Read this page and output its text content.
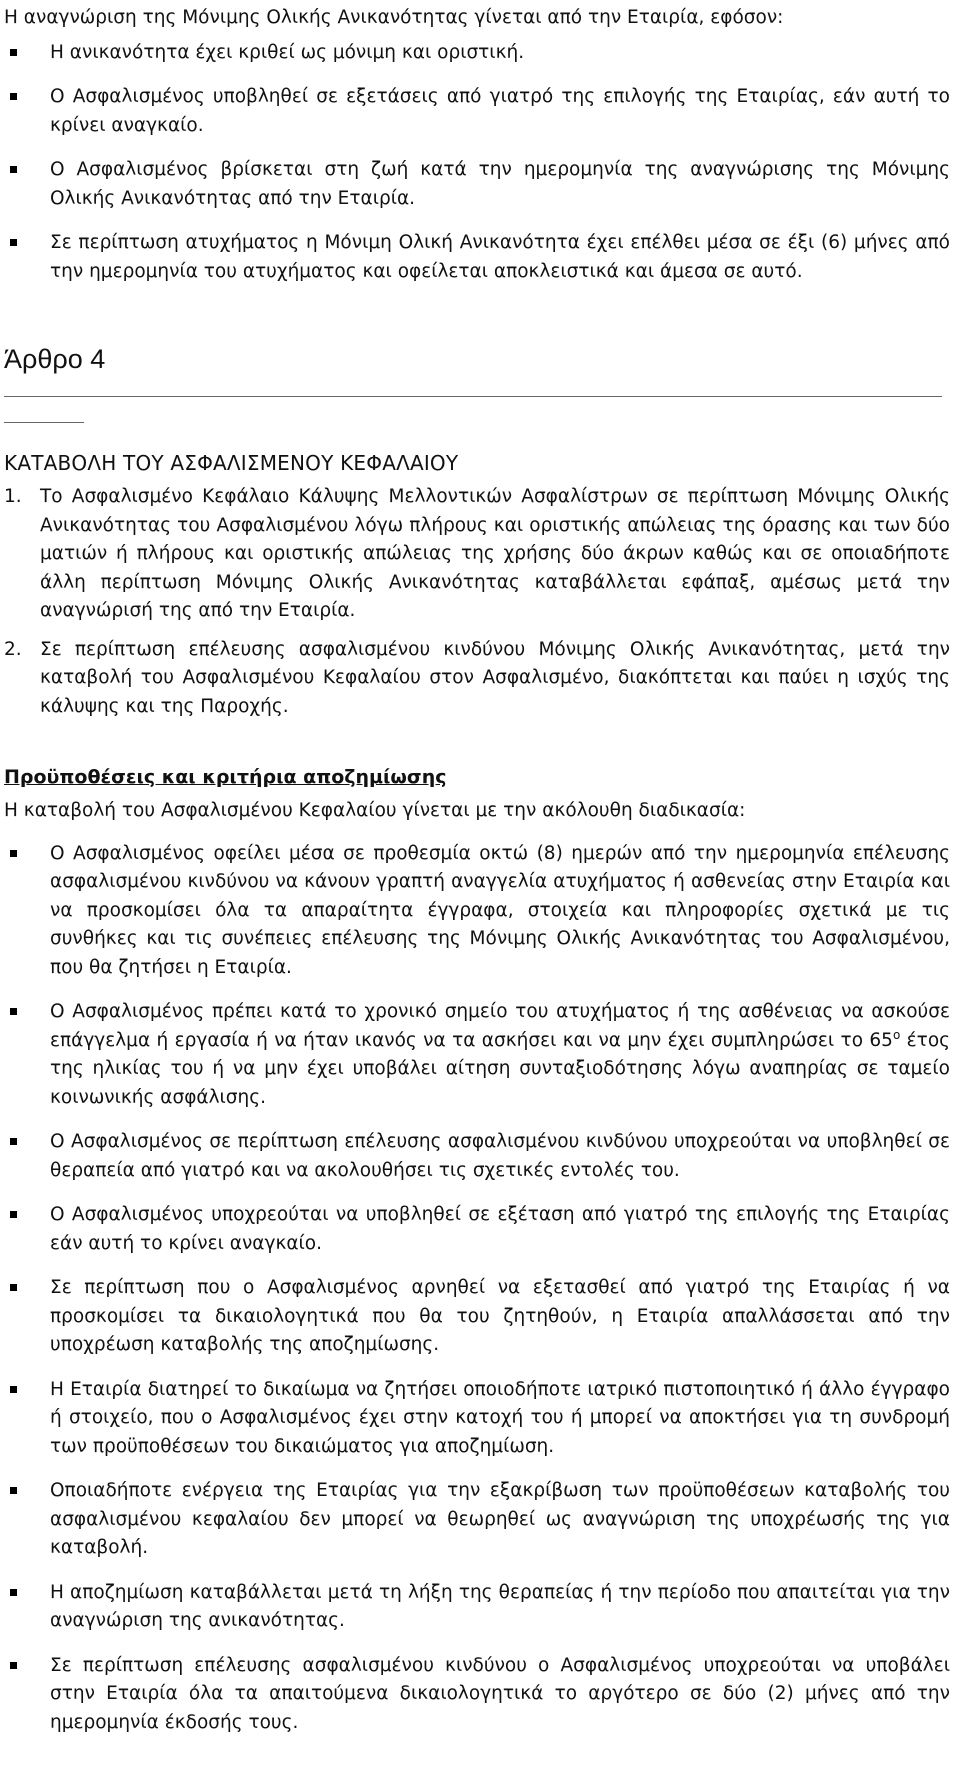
Η αναγνώριση της Μόνιμης Ολικής Ανικανότητας γίνεται από την Εταιρία, εφόσον:
Η ανικανότητα έχει κριθεί ως μόνιμη και οριστική.
Ο Ασφαλισμένος υποβληθεί σε εξετάσεις από γιατρό της επιλογής της Εταιρίας, εάν αυτή το κρίνει αναγκαίο.
Ο Ασφαλισμένος βρίσκεται στη ζωή κατά την ημερομηνία της αναγνώρισης της Μόνιμης Ολικής Ανικανότητας από την Εταιρία.
Σε περίπτωση ατυχήματος η Μόνιμη Ολική Ανικανότητα έχει επέλθει μέσα σε έξι (6) μήνες από την ημερομηνία του ατυχήματος και οφείλεται αποκλειστικά και άμεσα σε αυτό.
Άρθρο 4
ΚΑΤΑΒΟΛΗ ΤΟΥ ΑΣΦΑΛΙΣΜΕΝΟΥ ΚΕΦΑΛΑΙΟΥ
1. Το Ασφαλισμένο Κεφάλαιο Κάλυψης Μελλοντικών Ασφαλίστρων σε περίπτωση Μόνιμης Ολικής Ανικανότητας του Ασφαλισμένου λόγω πλήρους και οριστικής απώλειας της όρασης και των δύο ματιών ή πλήρους και οριστικής απώλειας της χρήσης δύο άκρων καθώς και σε οποιαδήποτε άλλη περίπτωση Μόνιμης Ολικής Ανικανότητας καταβάλλεται εφάπαξ, αμέσως μετά την αναγνώρισή της από την Εταιρία.
2. Σε περίπτωση επέλευσης ασφαλισμένου κινδύνου Μόνιμης Ολικής Ανικανότητας, μετά την καταβολή του Ασφαλισμένου Κεφαλαίου στον Ασφαλισμένο, διακόπτεται και παύει η ισχύς της κάλυψης και της Παροχής.
Προϋποθέσεις και κριτήρια αποζημίωσης
Η καταβολή του Ασφαλισμένου Κεφαλαίου γίνεται με την ακόλουθη διαδικασία:
Ο Ασφαλισμένος οφείλει μέσα σε προθεσμία οκτώ (8) ημερών από την ημερομηνία επέλευσης ασφαλισμένου κινδύνου να κάνουν γραπτή αναγγελία ατυχήματος ή ασθενείας στην Εταιρία και να προσκομίσει όλα τα απαραίτητα έγγραφα, στοιχεία και πληροφορίες σχετικά με τις συνθήκες και τις συνέπειες επέλευσης της Μόνιμης Ολικής Ανικανότητας του Ασφαλισμένου, που θα ζητήσει η Εταιρία.
Ο Ασφαλισμένος πρέπει κατά το χρονικό σημείο του ατυχήματος ή της ασθένειας να ασκούσε επάγγελμα ή εργασία ή να ήταν ικανός να τα ασκήσει και να μην έχει συμπληρώσει το $65^o$ έτος της ηλικίας του ή να μην έχει υποβάλει αίτηση συνταξιοδότησης λόγω αναπηρίας σε ταμείο κοινωνικής ασφάλισης.
Ο Ασφαλισμένος σε περίπτωση επέλευσης ασφαλισμένου κινδύνου υποχρεούται να υποβληθεί σε θεραπεία από γιατρό και να ακολουθήσει τις σχετικές εντολές του.
Ο Ασφαλισμένος υποχρεούται να υποβληθεί σε εξέταση από γιατρό της επιλογής της Εταιρίας εάν αυτή το κρίνει αναγκαίο.
Σε περίπτωση που ο Ασφαλισμένος αρνηθεί να εξετασθεί από γιατρό της Εταιρίας ή να προσκομίσει τα δικαιολογητικά που θα του ζητηθούν, η Εταιρία απαλλάσσεται από την υποχρέωση καταβολής της αποζημίωσης.
Η Εταιρία διατηρεί το δικαίωμα να ζητήσει οποιοδήποτε ιατρικό πιστοποιητικό ή άλλο έγγραφο ή στοιχείο, που ο Ασφαλισμένος έχει στην κατοχή του ή μπορεί να αποκτήσει για τη συνδρομή των προϋποθέσεων του δικαιώματος για αποζημίωση.
Οποιαδήποτε ενέργεια της Εταιρίας για την εξακρίβωση των προϋποθέσεων καταβολής του ασφαλισμένου κεφαλαίου δεν μπορεί να θεωρηθεί ως αναγνώριση της υποχρέωσής της για καταβολή.
Η αποζημίωση καταβάλλεται μετά τη λήξη της θεραπείας ή την περίοδο που απαιτείται για την αναγνώριση της ανικανότητας.
Σε περίπτωση επέλευσης ασφαλισμένου κινδύνου ο Ασφαλισμένος υποχρεούται να υποβάλει στην Εταιρία όλα τα απαιτούμενα δικαιολογητικά το αργότερο σε δύο (2) μήνες από την ημερομηνία έκδοσής τους.
